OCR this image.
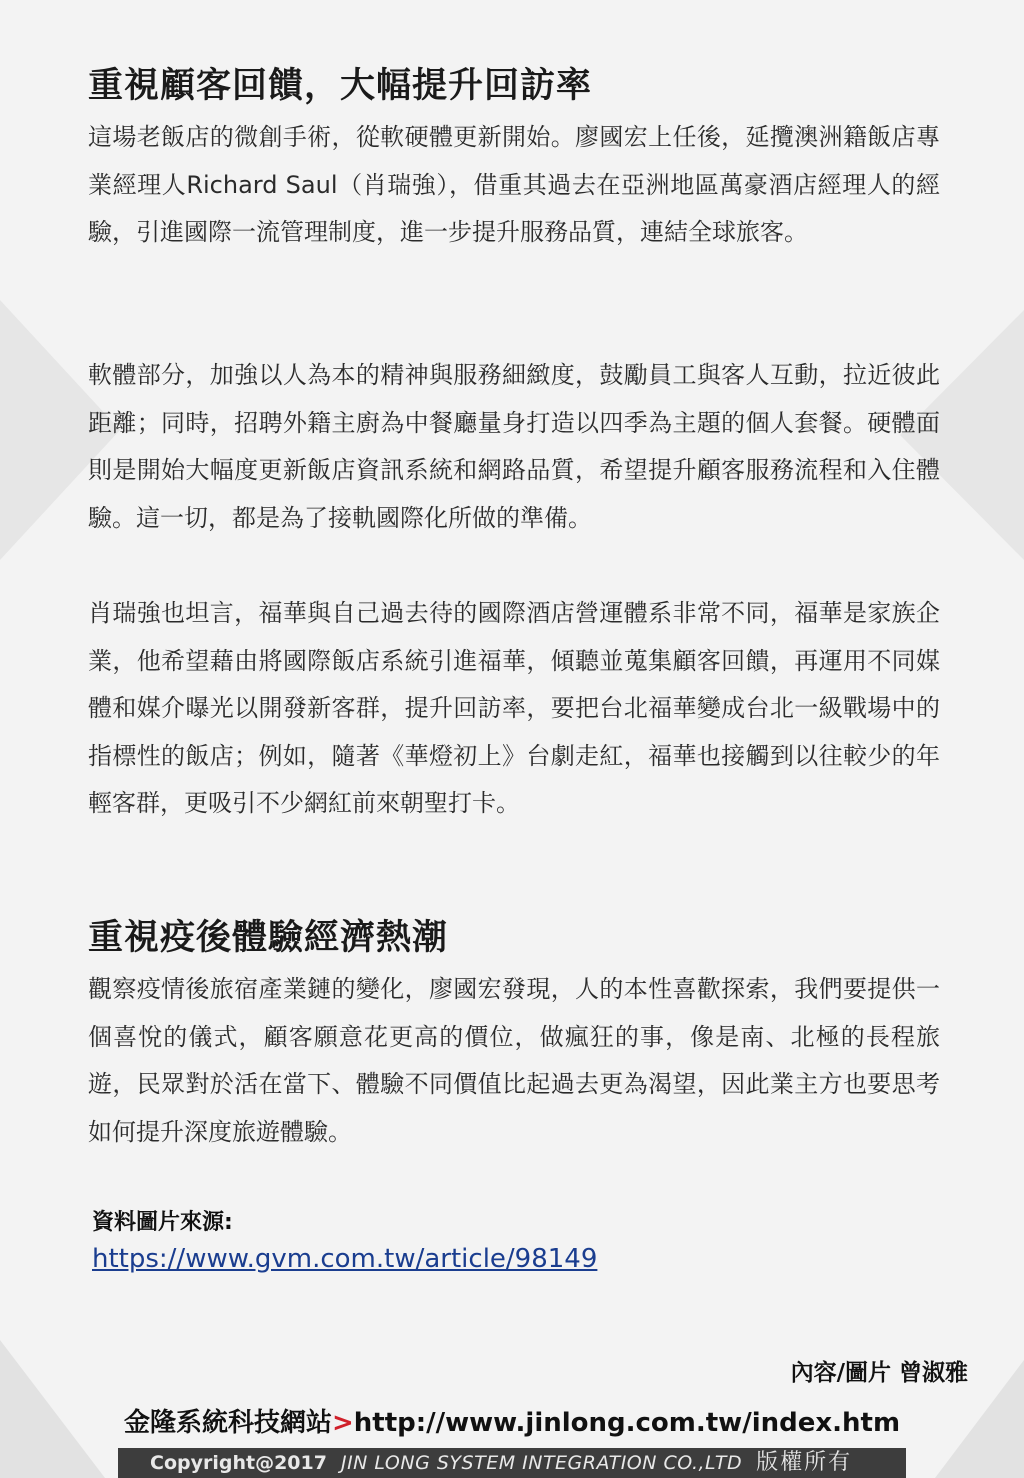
重視顧客回饋，大幅提升回訪率

這場老飯店的微創手術，從軟硬體更新開始。廖國宏上任後，延攬澳洲籍飯店專業經理人Richard Saul（肖瑞強），借重其過去在亞洲地區萬豪酒店經理人的經驗，引進國際一流管理制度，進一步提升服務品質，連結全球旅客。

軟體部分，加強以人為本的精神與服務細緻度，鼓勵員工與客人互動，拉近彼此距離；同時，招聘外籍主廚為中餐廳量身打造以四季為主題的個人套餐。硬體面則是開始大幅度更新飯店資訊系統和網路品質，希望提升顧客服務流程和入住體驗。這一切，都是為了接軌國際化所做的準備。

肖瑞強也坦言，福華與自己過去待的國際酒店營運體系非常不同，福華是家族企業，他希望藉由將國際飯店系統引進福華，傾聽並蒐集顧客回饋，再運用不同媒體和媒介曝光以開發新客群，提升回訪率，要把台北福華變成台北一級戰場中的指標性的飯店；例如，隨著《華燈初上》台劇走紅，福華也接觸到以往較少的年輕客群，更吸引不少網紅前來朝聖打卡。

重視疫後體驗經濟熱潮

觀察疫情後旅宿產業鏈的變化，廖國宏發現，人的本性喜歡探索，我們要提供一個喜悅的儀式，顧客願意花更高的價位，做瘋狂的事，像是南、北極的長程旅遊，民眾對於活在當下、體驗不同價值比起過去更為渴望，因此業主方也要思考如何提升深度旅遊體驗。

資料圖片來源:
https://www.gvm.com.tw/article/98149
內容/圖片 曾淑雅
金隆系統科技網站>http://www.jinlong.com.tw/index.htm
Copyright@2017 JIN LONG SYSTEM INTEGRATION CO.,LTD 版權所有
